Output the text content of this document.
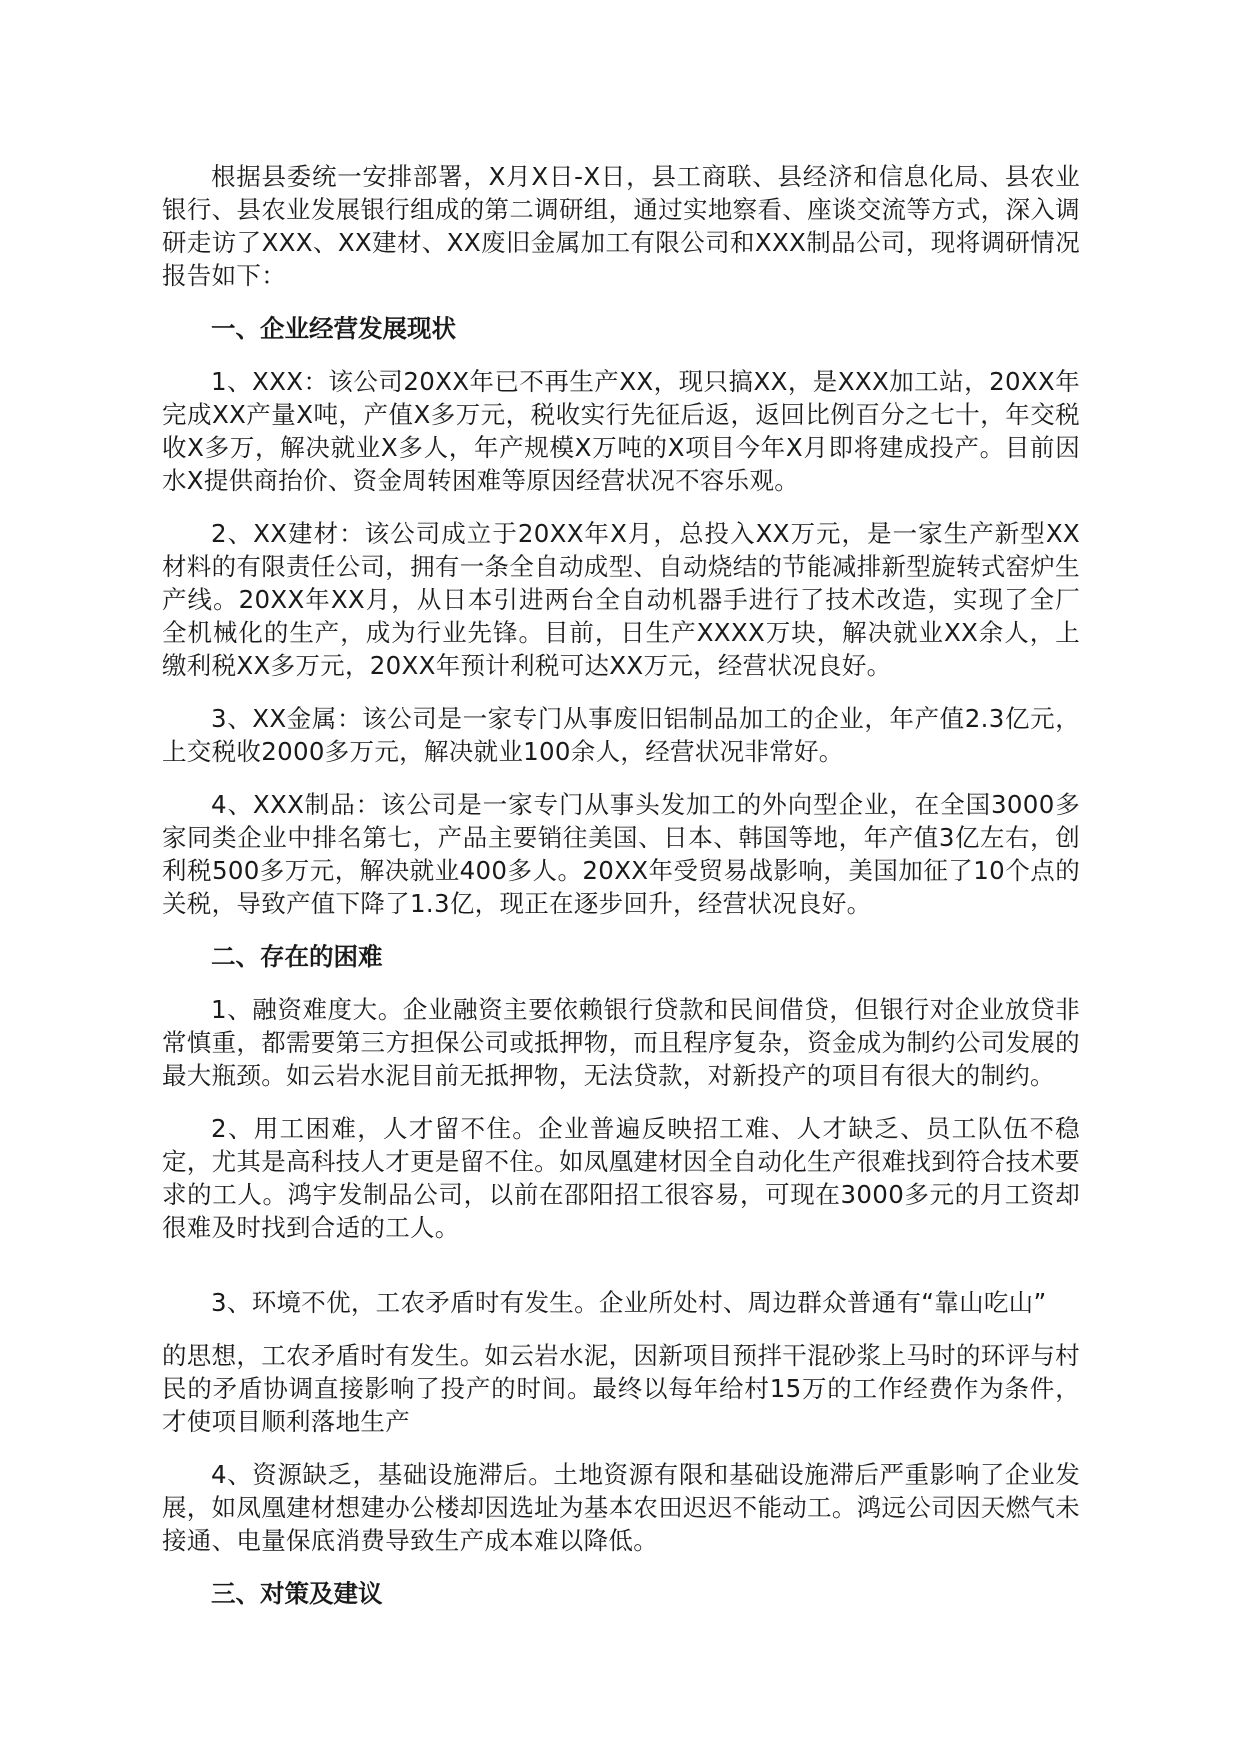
根据县委统一安排部署，X月X日-X日，县工商联、县经济和信息化局、县农业银行、县农业发展银行组成的第二调研组，通过实地察看、座谈交流等方式，深入调研走访了XXX、XX建材、XX废旧金属加工有限公司和XXX制品公司，现将调研情况报告如下：

一、企业经营发展现状

1、XXX：该公司20XX年已不再生产XX，现只搞XX，是XXX加工站，20XX年完成XX产量X吨，产值X多万元，税收实行先征后返，返回比例百分之七十，年交税收X多万，解决就业X多人，年产规模X万吨的X项目今年X月即将建成投产。目前因水X提供商抬价、资金周转困难等原因经营状况不容乐观。

2、XX建材：该公司成立于20XX年X月，总投入XX万元，是一家生产新型XX材料的有限责任公司，拥有一条全自动成型、自动烧结的节能减排新型旋转式窑炉生产线。20XX年XX月，从日本引进两台全自动机器手进行了技术改造，实现了全厂全机械化的生产，成为行业先锋。目前，日生产XXXX万块，解决就业XX余人，上缴利税XX多万元，20XX年预计利税可达XX万元，经营状况良好。

3、XX金属：该公司是一家专门从事废旧铝制品加工的企业，年产值2.3亿元，上交税收2000多万元，解决就业100余人，经营状况非常好。

4、XXX制品：该公司是一家专门从事头发加工的外向型企业，在全国3000多家同类企业中排名第七，产品主要销往美国、日本、韩国等地，年产值3亿左右，创利税500多万元，解决就业400多人。20XX年受贸易战影响，美国加征了10个点的关税，导致产值下降了1.3亿，现正在逐步回升，经营状况良好。

二、存在的困难

1、融资难度大。企业融资主要依赖银行贷款和民间借贷，但银行对企业放贷非常慎重，都需要第三方担保公司或抵押物，而且程序复杂，资金成为制约公司发展的最大瓶颈。如云岩水泥目前无抵押物，无法贷款，对新投产的项目有很大的制约。

2、用工困难，人才留不住。企业普遍反映招工难、人才缺乏、员工队伍不稳定，尤其是高科技人才更是留不住。如凤凰建材因全自动化生产很难找到符合技术要求的工人。鸿宇发制品公司，以前在邵阳招工很容易，可现在3000多元的月工资却很难及时找到合适的工人。

3、环境不优，工农矛盾时有发生。企业所处村、周边群众普通有“靠山吃山”

的思想，工农矛盾时有发生。如云岩水泥，因新项目预拌干混砂浆上马时的环评与村民的矛盾协调直接影响了投产的时间。最终以每年给村15万的工作经费作为条件，才使项目顺利落地生产

4、资源缺乏，基础设施滞后。土地资源有限和基础设施滞后严重影响了企业发展，如凤凰建材想建办公楼却因选址为基本农田迟迟不能动工。鸿远公司因天燃气未接通、电量保底消费导致生产成本难以降低。

三、对策及建议
